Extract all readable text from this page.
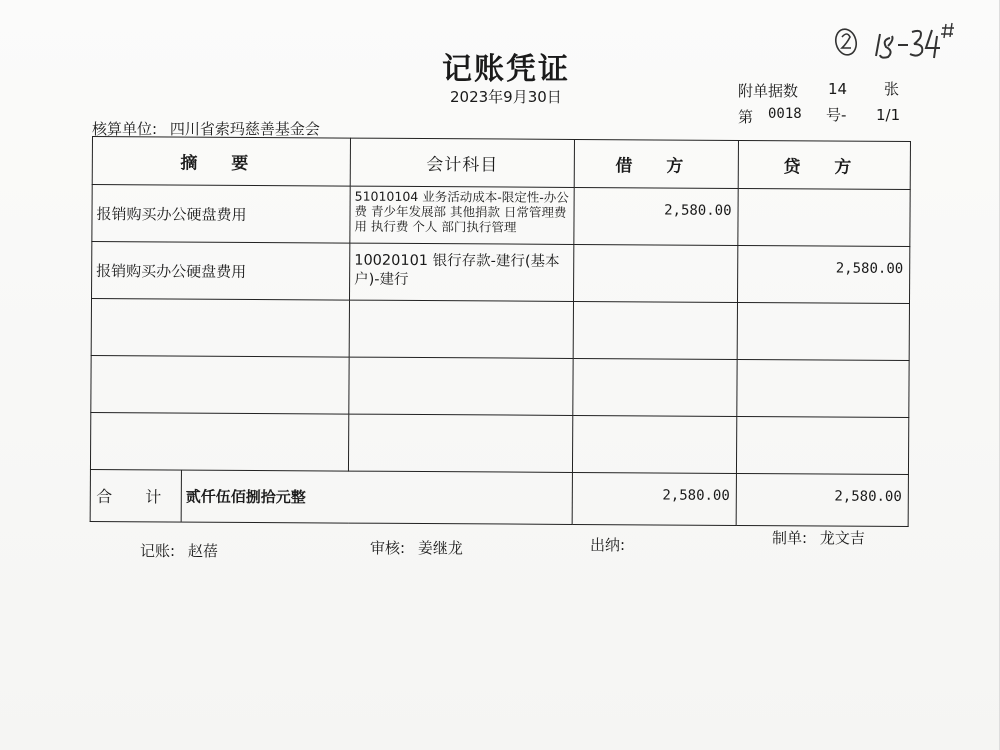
记账凭证
2023年9月30日	附单据数 14 张
第 0018 号- 1/1
核算单位: 四川省索玛慈善基金会
摘 要	会计科目	借 方	贷 方
报销购买办公硬盘费用	51010104 业务活动成本-限定性-办公费 青少年发展部 其他捐款 日常管理费用 执行费 个人 部门执行管理	2,580.00	
报销购买办公硬盘费用	10020101 银行存款-建行(基本户)-建行		2,580.00

合 计 贰仟伍佰捌拾元整		2,580.00	2,580.00
记账: 赵蓓	审核: 姜继龙	出纳:	制单: 龙文吉
